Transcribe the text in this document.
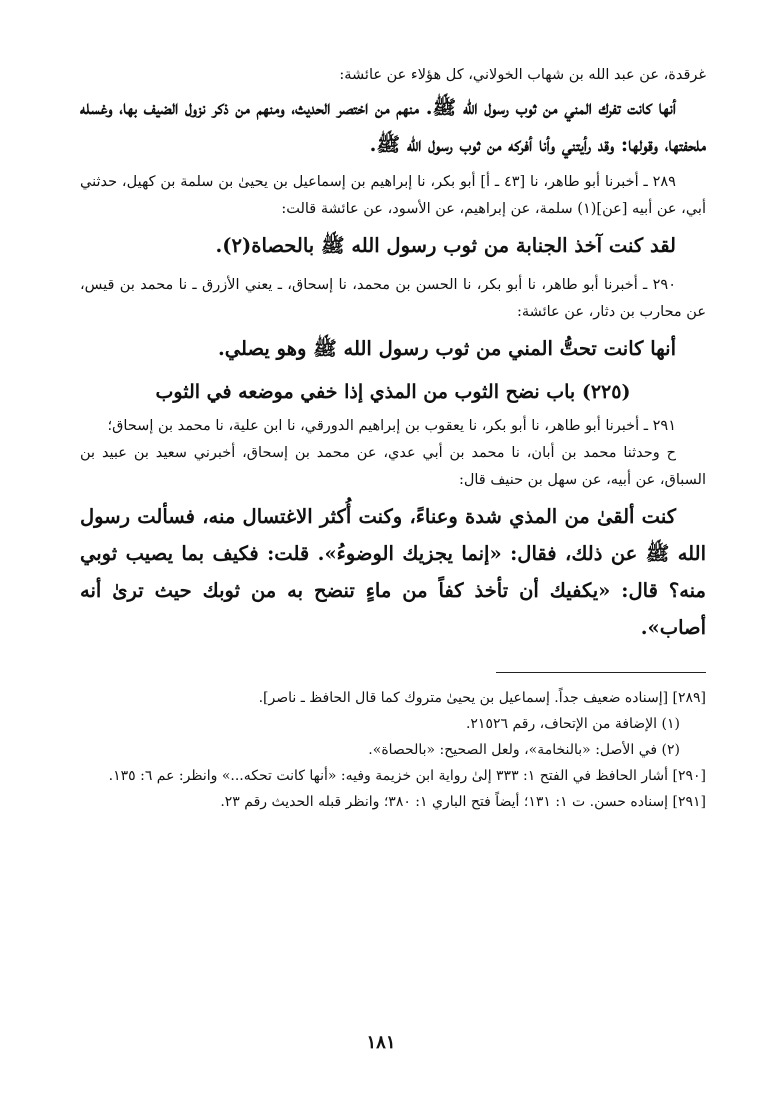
غرقدة، عن عبد الله بن شهاب الخولاني، كل هؤلاء عن عائشة:

أنها كانت تفرك المني من ثوب رسول الله ﷺ. منهم من اختصر الحديث، ومنهم من ذكر نزول الضيف بها، وغسله ملحفتها، وقولها: وقد رأيتني وأنا أفركه من ثوب رسول الله ﷺ.

٢٨٩ ـ أخبرنا أبو طاهر، نا [٤٣ ـ أ] أبو بكر، نا إبراهيم بن إسماعيل بن يحيىٰ بن سلمة بن كهيل، حدثني أبي، عن أبيه [عن](١) سلمة، عن إبراهيم، عن الأسود، عن عائشة قالت:

لقد كنت آخذ الجنابة من ثوب رسول الله ﷺ بالحصاة(٢).

٢٩٠ ـ أخبرنا أبو طاهر، نا أبو بكر، نا الحسن بن محمد، نا إسحاق، ـ يعني الأزرق ـ نا محمد بن قيس، عن محارب بن دثار، عن عائشة:

أنها كانت تحتُّ المني من ثوب رسول الله ﷺ وهو يصلي.

(٢٢٥) باب نضح الثوب من المذي إذا خفي موضعه في الثوب

٢٩١ ـ أخبرنا أبو طاهر، نا أبو بكر، نا يعقوب بن إبراهيم الدورقي، نا ابن علية، نا محمد بن إسحاق؛

ح وحدثنا محمد بن أبان، نا محمد بن أبي عدي، عن محمد بن إسحاق، أخبرني سعيد بن عبيد بن السباق، عن أبيه، عن سهل بن حنيف قال:

كنت ألقىٰ من المذي شدة وعناءً، وكنت أُكثر الاغتسال منه، فسألت رسول الله ﷺ عن ذلك، فقال: «إنما يجزيك الوضوءُ». قلت: فكيف بما يصيب ثوبي منه؟ قال: «يكفيك أن تأخذ كفاً من ماءٍ تنضح به من ثوبك حيث ترىٰ أنه أصاب».

[٢٨٩] [إسناده ضعيف جداً. إسماعيل بن يحيىٰ متروك كما قال الحافظ ـ ناصر].

(١) الإضافة من الإتحاف، رقم ٢١٥٢٦.

(٢) في الأصل: «بالنخامة»، ولعل الصحيح: «بالحصاة».

[٢٩٠] أشار الحافظ في الفتح ١: ٣٣٣ إلىٰ رواية ابن خزيمة وفيه: «أنها كانت تحكه...» وانظر: عم ٦: ١٣٥.

[٢٩١] إسناده حسن. ت ١: ١٣١؛ أيضاً فتح الباري ١: ٣٨٠؛ وانظر قبله الحديث رقم ٢٣.

١٨١
